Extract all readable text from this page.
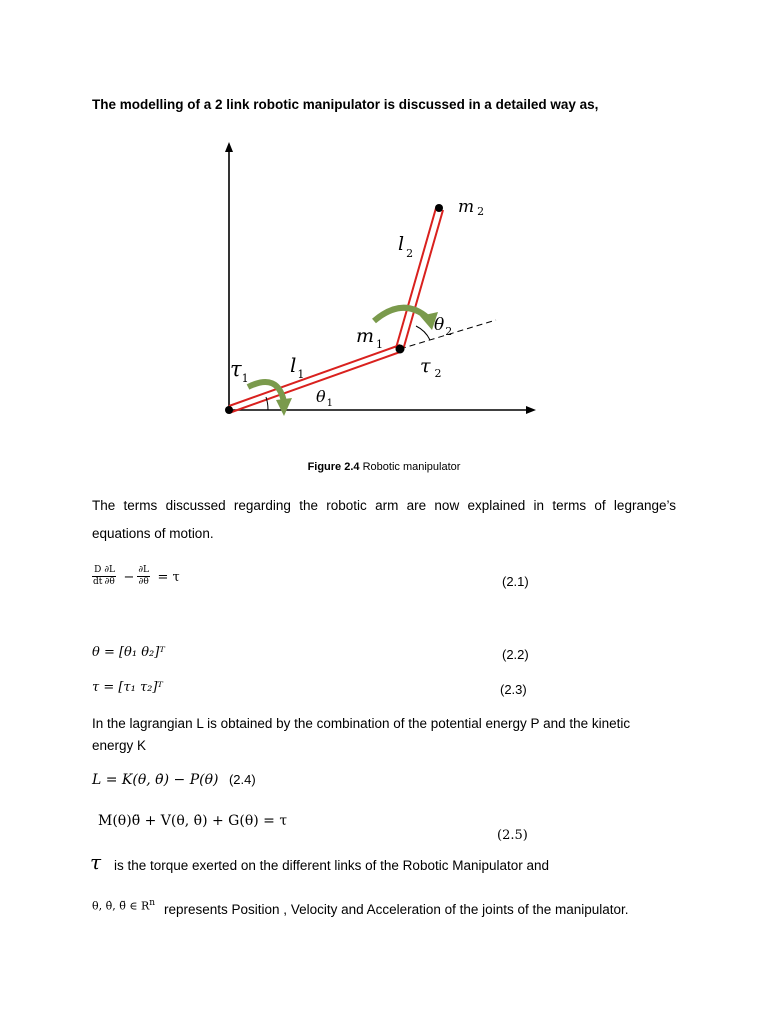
The modelling of a 2 link robotic manipulator is discussed in a detailed way as,
m 2
l $_2$
$\theta_2$
m $_1$
τ $_2$
$\tau_1$
$l_1$
$\theta_1$
Figure 2.4 Robotic manipulator
The terms discussed regarding the robotic arm are now explained in terms of legrange’s equations of motion.
$\frac{D}{dt} \frac{\partial L}{\partial\theta} - \frac{\partial L}{\partial\theta} = \tau$	(2.1)
θ = [θ₁ θ₂]ᵀ	(2.2)
τ = [τ₁ τ₂]ᵀ	(2.3)
In the lagrangian L is obtained by the combination of the potential energy P and the kinetic
energy K
L = K(θ, θ̇) − P(θ) (2.4)
M(θ)θ̈ + V(θ, θ̇) + G(θ) = τ
(2.5)
τ is the torque exerted on the different links of the Robotic Manipulator and
θ, θ̇, θ̈ ∈ $R^n$ represents Position , Velocity and Acceleration of the joints of the manipulator.
